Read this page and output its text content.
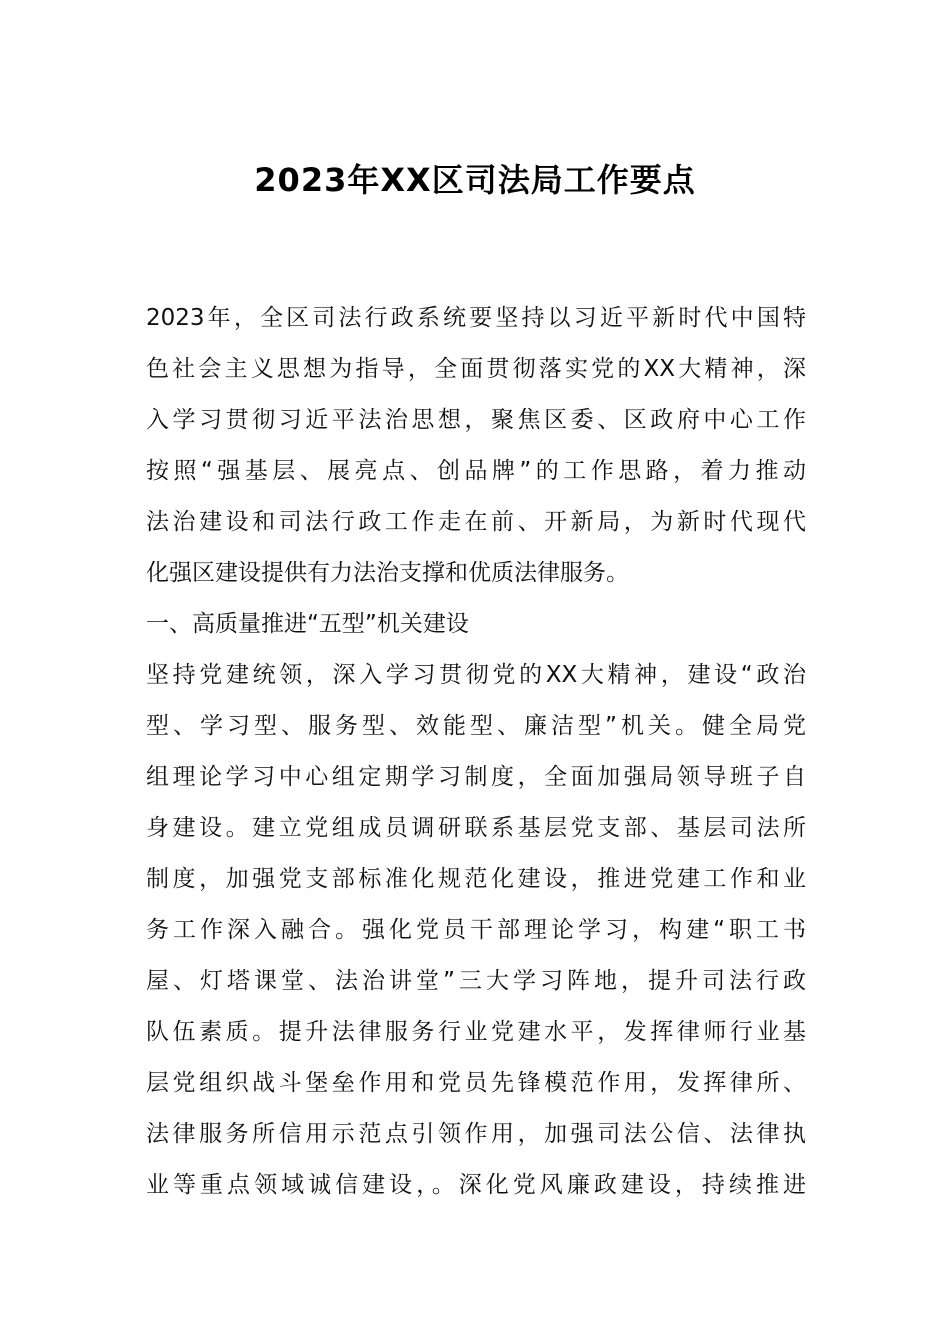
2023年XX区司法局工作要点
2023年，全区司法行政系统要坚持以习近平新时代中国特
色社会主义思想为指导，全面贯彻落实党的XX大精神，深
入学习贯彻习近平法治思想，聚焦区委、区政府中心工作
按照“强基层、展亮点、创品牌”的工作思路，着力推动
法治建设和司法行政工作走在前、开新局，为新时代现代
化强区建设提供有力法治支撑和优质法律服务。
一、高质量推进“五型”机关建设
坚持党建统领，深入学习贯彻党的XX大精神，建设“政治
型、学习型、服务型、效能型、廉洁型”机关。健全局党
组理论学习中心组定期学习制度，全面加强局领导班子自
身建设。建立党组成员调研联系基层党支部、基层司法所
制度，加强党支部标准化规范化建设，推进党建工作和业
务工作深入融合。强化党员干部理论学习，构建“职工书
屋、灯塔课堂、法治讲堂”三大学习阵地，提升司法行政
队伍素质。提升法律服务行业党建水平，发挥律师行业基
层党组织战斗堡垒作用和党员先锋模范作用，发挥律所、
法律服务所信用示范点引领作用，加强司法公信、法律执
业等重点领域诚信建设，。深化党风廉政建设，持续推进
